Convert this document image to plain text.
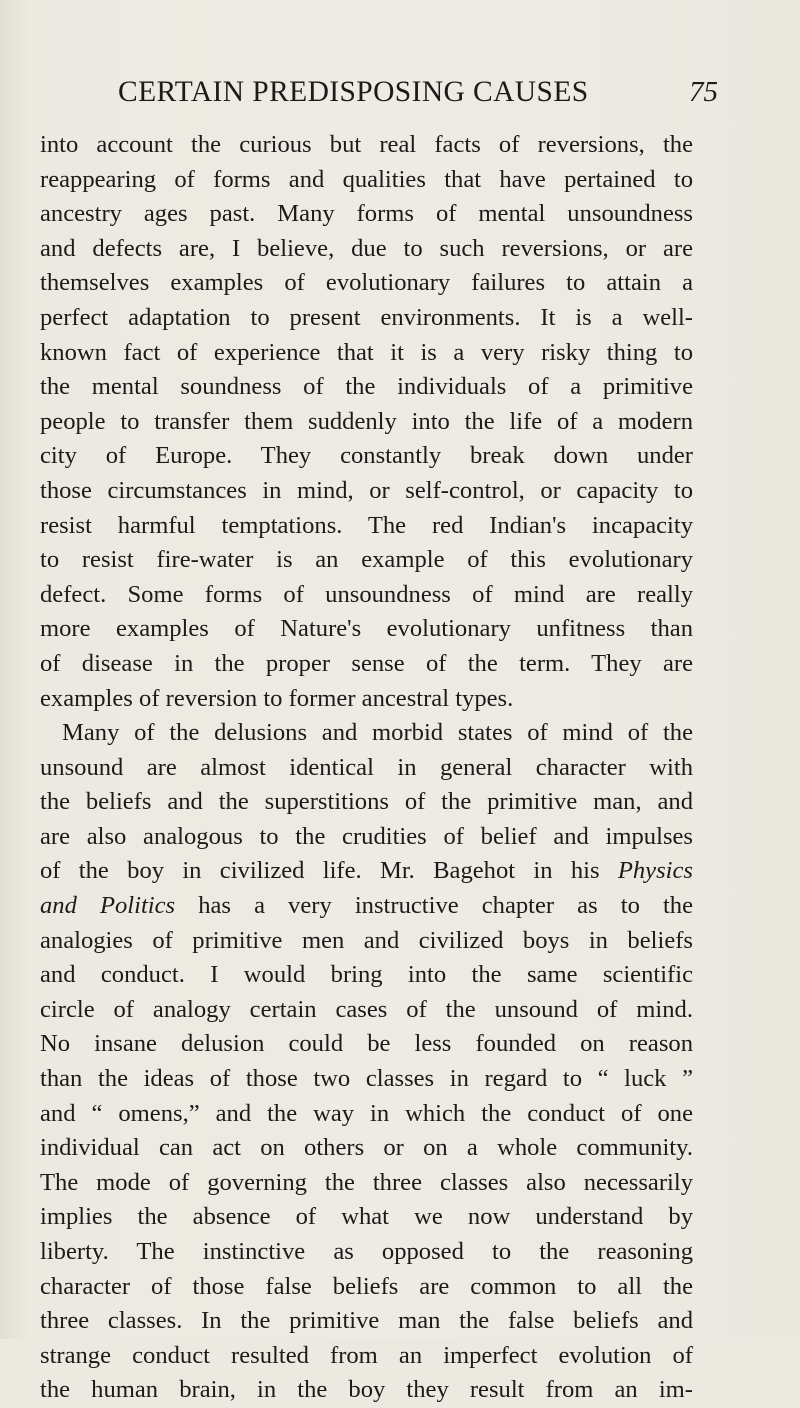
CERTAIN PREDISPOSING CAUSES	75
into account the curious but real facts of reversions, the
reappearing of forms and qualities that have pertained to
ancestry ages past. Many forms of mental unsoundness
and defects are, I believe, due to such reversions, or are
themselves examples of evolutionary failures to attain a
perfect adaptation to present environments. It is a well-
known fact of experience that it is a very risky thing to
the mental soundness of the individuals of a primitive
people to transfer them suddenly into the life of a modern
city of Europe. They constantly break down under
those circumstances in mind, or self-control, or capacity to
resist harmful temptations. The red Indian's incapacity
to resist fire-water is an example of this evolutionary
defect. Some forms of unsoundness of mind are really
more examples of Nature's evolutionary unfitness than
of disease in the proper sense of the term. They are
examples of reversion to former ancestral types.
Many of the delusions and morbid states of mind of the
unsound are almost identical in general character with
the beliefs and the superstitions of the primitive man, and
are also analogous to the crudities of belief and impulses
of the boy in civilized life. Mr. Bagehot in his Physics
and Politics has a very instructive chapter as to the
analogies of primitive men and civilized boys in beliefs
and conduct. I would bring into the same scientific
circle of analogy certain cases of the unsound of mind.
No insane delusion could be less founded on reason
than the ideas of those two classes in regard to “ luck ”
and “ omens,” and the way in which the conduct of one
individual can act on others or on a whole community.
The mode of governing the three classes also necessarily
implies the absence of what we now understand by
liberty. The instinctive as opposed to the reasoning
character of those false beliefs are common to all the
three classes. In the primitive man the false beliefs and
strange conduct resulted from an imperfect evolution of
the human brain, in the boy they result from an im-
